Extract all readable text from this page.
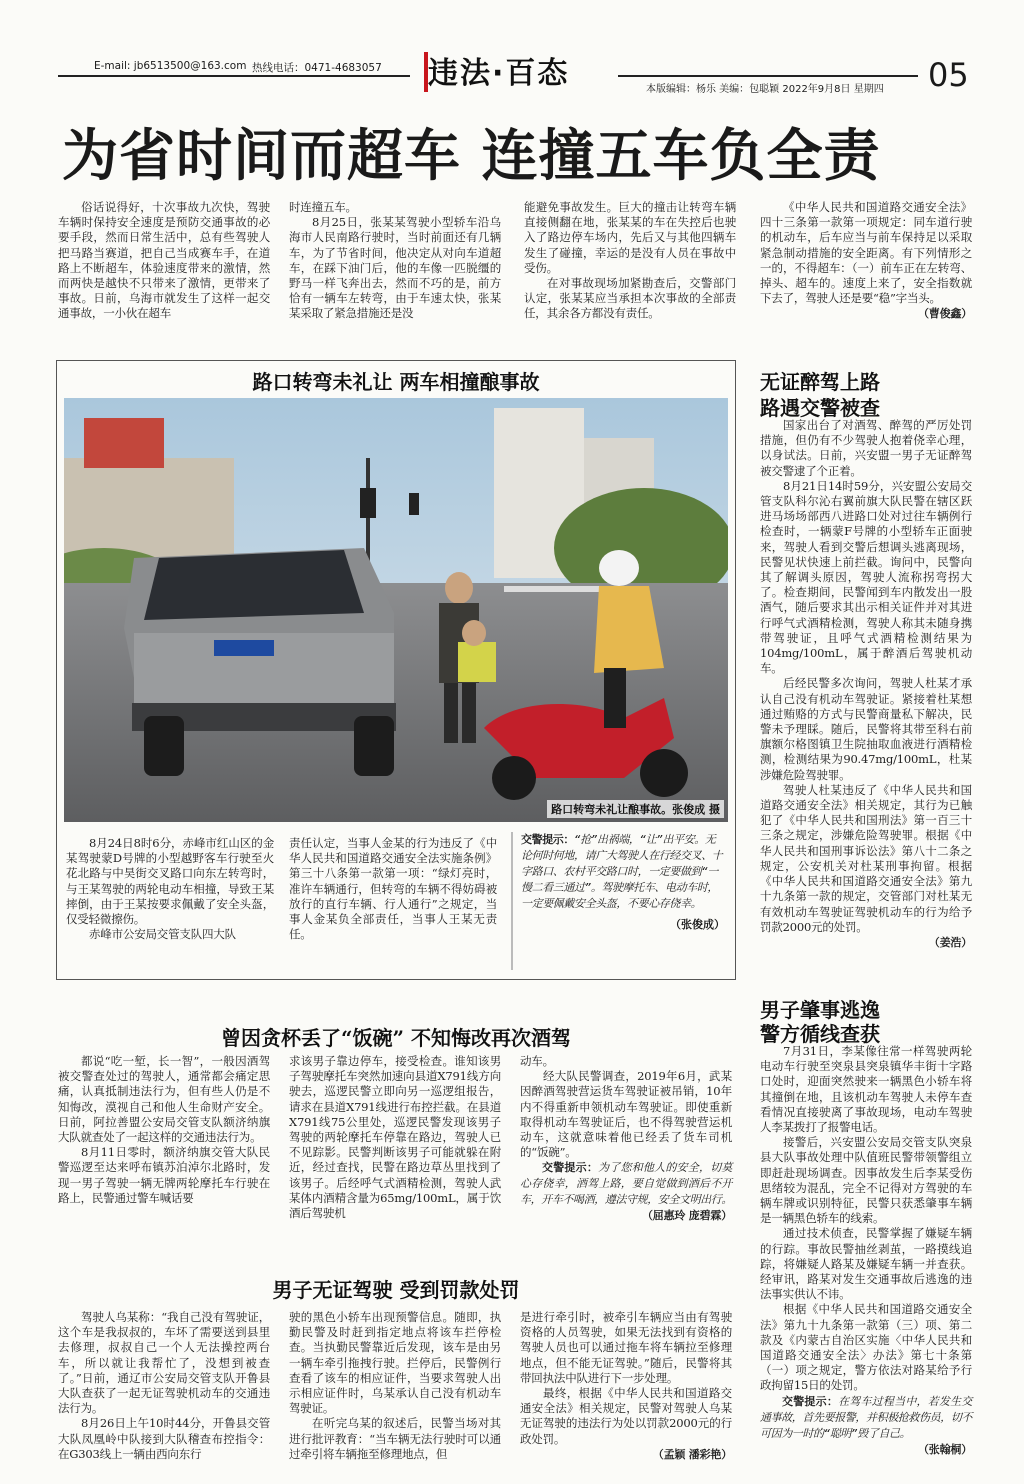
E-mail: jb6513500@163.com 热线电话：0471-4683057 违法·百态	本版编辑：杨乐 美编：包聪颖 2022年9月8日 星期四 05
为省时间而超车 连撞五车负全责

俗话说得好，十次事故九次快，驾驶车辆时保持安全速度是预防交通事故的必要手段，然而日常生活中，总有些驾驶人把马路当赛道，把自己当成赛车手，在道路上不断超车，体验速度带来的激情，然而两快是越快不只带来了激情，更带来了事故。日前，乌海市就发生了这样一起交通事故，一小伙在超车

时连撞五车。

8月25日，张某某驾驶小型轿车沿乌海市人民南路行驶时，当时前面还有几辆车，为了节省时间，他决定从对向车道超车，在踩下油门后，他的车像一匹脱缰的野马一样飞奔出去，然而不巧的是，前方恰有一辆车左转弯，由于车速太快，张某某采取了紧急措施还是没

能避免事故发生。巨大的撞击让转弯车辆直接侧翻在地，张某某的车在失控后也驶入了路边停车场内，先后又与其他四辆车发生了碰撞，幸运的是没有人员在事故中受伤。

在对事故现场加紧勘查后，交警部门认定，张某某应当承担本次事故的全部责任，其余各方都没有责任。

《中华人民共和国道路交通安全法》四十三条第一款第一项规定：同车道行驶的机动车，后车应当与前车保持足以采取紧急制动措施的安全距离。有下列情形之一的，不得超车：（一）前车正在左转弯、掉头、超车的。速度上来了，安全指数就下去了，驾驶人还是要“稳”字当头。

（曹俊鑫）
路口转弯未礼让 两车相撞酿事故
路口转弯未礼让酿事故。张俊成 摄

8月24日8时6分，赤峰市红山区的金某驾驶蒙D号牌的小型越野客车行驶至火花北路与中昊街交叉路口向东左转弯时，与王某驾驶的两轮电动车相撞，导致王某摔倒，由于王某按要求佩戴了安全头盔，仅受轻微擦伤。

赤峰市公安局交管支队四大队

责任认定，当事人金某的行为违反了《中华人民共和国道路交通安全法实施条例》第三十八条第一款第一项：“绿灯亮时，准许车辆通行，但转弯的车辆不得妨碍被放行的直行车辆、行人通行”之规定，当事人金某负全部责任，当事人王某无责任。

交警提示：“抢”出祸端，“让”出平安。无论何时何地，请广大驾驶人在行经交叉、十字路口、农村平交路口时，一定要做到“一慢二看三通过”。驾驶摩托车、电动车时，一定要佩戴安全头盔，不要心存侥幸。
（张俊成）
无证醉驾上路
路遇交警被查

国家出台了对酒驾、醉驾的严厉处罚措施，但仍有不少驾驶人抱着侥幸心理，以身试法。日前，兴安盟一男子无证醉驾被交警逮了个正着。

8月21日14时59分，兴安盟公安局交管支队科尔沁右翼前旗大队民警在辖区跃进马场场部西八进路口处对过往车辆例行检查时，一辆蒙F号牌的小型轿车正面驶来，驾驶人看到交警后想调头逃离现场，民警见状快速上前拦截。询问中，民警向其了解调头原因，驾驶人流称拐弯拐大了。检查期间，民警闻到车内散发出一股酒气，随后要求其出示相关证件并对其进行呼气式酒精检测，驾驶人称其未随身携带驾驶证，且呼气式酒精检测结果为104mg/100mL，属于醉酒后驾驶机动车。

后经民警多次询问，驾驶人杜某才承认自己没有机动车驾驶证。紧接着杜某想通过贿赂的方式与民警商量私下解决，民警未予理睬。随后，民警将其带至科右前旗额尔格图镇卫生院抽取血液进行酒精检测，检测结果为90.47mg/100mL，杜某涉嫌危险驾驶罪。

驾驶人杜某违反了《中华人民共和国道路交通安全法》相关规定，其行为已触犯了《中华人民共和国刑法》第一百三十三条之规定，涉嫌危险驾驶罪。根据《中华人民共和国刑事诉讼法》第八十二条之规定，公安机关对杜某刑事拘留。根据《中华人民共和国道路交通安全法》第九十九条第一款的规定，交管部门对杜某无有效机动车驾驶证驾驶机动车的行为给予罚款2000元的处罚。

（姜浩）
男子肇事逃逸
警方循线查获

7月31日，李某像往常一样驾驶两轮电动车行驶至突泉县突泉镇华丰街十字路口处时，迎面突然驶来一辆黑色小轿车将其撞倒在地，且该机动车驾驶人未停车查看情况直接驶离了事故现场，电动车驾驶人李某拨打了报警电话。

接警后，兴安盟公安局交管支队突泉县大队事故处理中队值班民警带领警组立即赶赴现场调查。因事故发生后李某受伤思绪较为混乱，完全不记得对方驾驶的车辆车牌或识别特征，民警只获悉肇事车辆是一辆黑色轿车的线索。

通过技术侦查，民警掌握了嫌疑车辆的行踪。事故民警抽丝剥茧，一路摸线追踪，将嫌疑人路某及嫌疑车辆一并查获。经审讯，路某对发生交通事故后逃逸的违法事实供认不讳。

根据《中华人民共和国道路交通安全法》第九十九条第一款第（三）项、第二款及《内蒙古自治区实施〈中华人民共和国道路交通安全法〉办法》第七十条第（一）项之规定，警方依法对路某给予行政拘留15日的处罚。

交警提示：在驾车过程当中，若发生交通事故，首先要报警，并积极抢救伤员，切不可因为一时的“聪明”毁了自己。

（张翰桐）
曾因贪杯丢了“饭碗” 不知悔改再次酒驾

都说“吃一堑，长一智”，一般因酒驾被交警查处过的驾驶人，通常都会痛定思痛，认真抵制违法行为，但有些人仍是不知悔改，漠视自己和他人生命财产安全。日前，阿拉善盟公安局交管支队额济纳旗大队就查处了一起这样的交通违法行为。

8月11日零时，额济纳旗交管大队民警巡逻至达来呼布镇苏泊淖尔北路时，发现一男子驾驶一辆无牌两轮摩托车行驶在路上，民警通过警车喊话要

求该男子靠边停车，接受检查。谁知该男子驾驶摩托车突然加速向县道X791线方向驶去，巡逻民警立即向另一巡逻组报告，请求在县道X791线进行布控拦截。在县道X791线75公里处，巡逻民警发现该男子驾驶的两轮摩托车停靠在路边，驾驶人已不见踪影。民警判断该男子可能就躲在附近，经过查找，民警在路边草丛里找到了该男子。后经呼气式酒精检测，驾驶人武某体内酒精含量为65mg/100mL，属于饮酒后驾驶机

动车。

经大队民警调查，2019年6月，武某因醉酒驾驶营运货车驾驶证被吊销，10年内不得重新申领机动车驾驶证。即使重新取得机动车驾驶证后，也不得驾驶营运机动车，这就意味着他已经丢了货车司机的“饭碗”。

交警提示：为了您和他人的安全，切莫心存侥幸，酒驾上路，要自觉做到酒后不开车，开车不喝酒，遵法守规，安全文明出行。

（屈惠玲 庞碧霖）
男子无证驾驶 受到罚款处罚

驾驶人乌某称：“我自己没有驾驶证，这个车是我叔叔的，车坏了需要送到县里去修理，叔叔自己一个人无法操控两台车，所以就让我帮忙了，没想到被查了。”日前，通辽市公安局交管支队开鲁县大队查获了一起无证驾驶机动车的交通违法行为。

8月26日上午10时44分，开鲁县交管大队凤凰岭中队接到大队稽查布控指令：在G303线上一辆由西向东行

驶的黑色小轿车出现预警信息。随即，执勤民警及时赶到指定地点将该车拦停检查。当执勤民警靠近后发现，该车是由另一辆车牵引拖拽行驶。拦停后，民警例行查看了该车的相应证件，当要求驾驶人出示相应证件时，乌某承认自己没有机动车驾驶证。

在听完乌某的叙述后，民警当场对其进行批评教育：“当车辆无法行驶时可以通过牵引将车辆拖至修理地点，但

是进行牵引时，被牵引车辆应当由有驾驶资格的人员驾驶，如果无法找到有资格的驾驶人员也可以通过拖车将车辆拉至修理地点，但不能无证驾驶。”随后，民警将其带回执法中队进行下一步处理。

最终，根据《中华人民共和国道路交通安全法》相关规定，民警对驾驶人乌某无证驾驶的违法行为处以罚款2000元的行政处罚。

（孟颖 潘彩艳）
